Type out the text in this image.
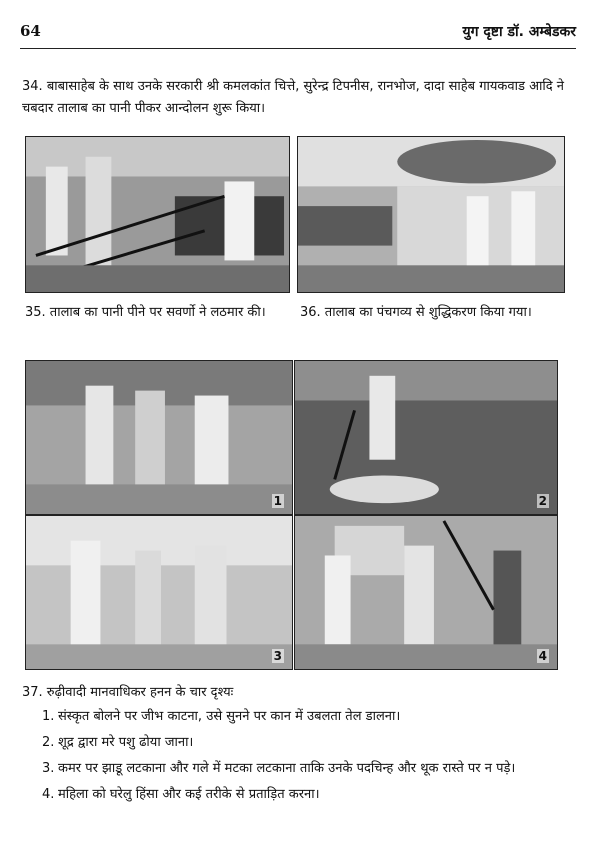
64	युग दृष्टा डॉ. अम्बेडकर

34. बाबासाहेब के साथ उनके सरकारी श्री कमलकांत चित्ते, सुरेन्द्र टिपनीस, रानभोज, दादा साहेब गायकवाड आदि ने चबदार तालाब का पानी पीकर आन्दोलन शुरू किया।

35. तालाब का पानी पीने पर सवर्णो ने लठमार की।	36. तालाब का पंचगव्य से शुद्धिकरण किया गया।

1	2
3	4

37. रुढ़ीवादी मानवाधिकर हनन के चार दृश्यः

1. संस्कृत बोलने पर जीभ काटना, उसे सुनने पर कान में उबलता तेल डालना।
2. शूद्र द्वारा मरे पशु ढोया जाना।
3. कमर पर झाडू लटकाना और गले में मटका लटकाना ताकि उनके पदचिन्ह और थूक रास्ते पर न पड़े।
4. महिला को घरेलु हिंसा और कई तरीके से प्रताड़ित करना।
